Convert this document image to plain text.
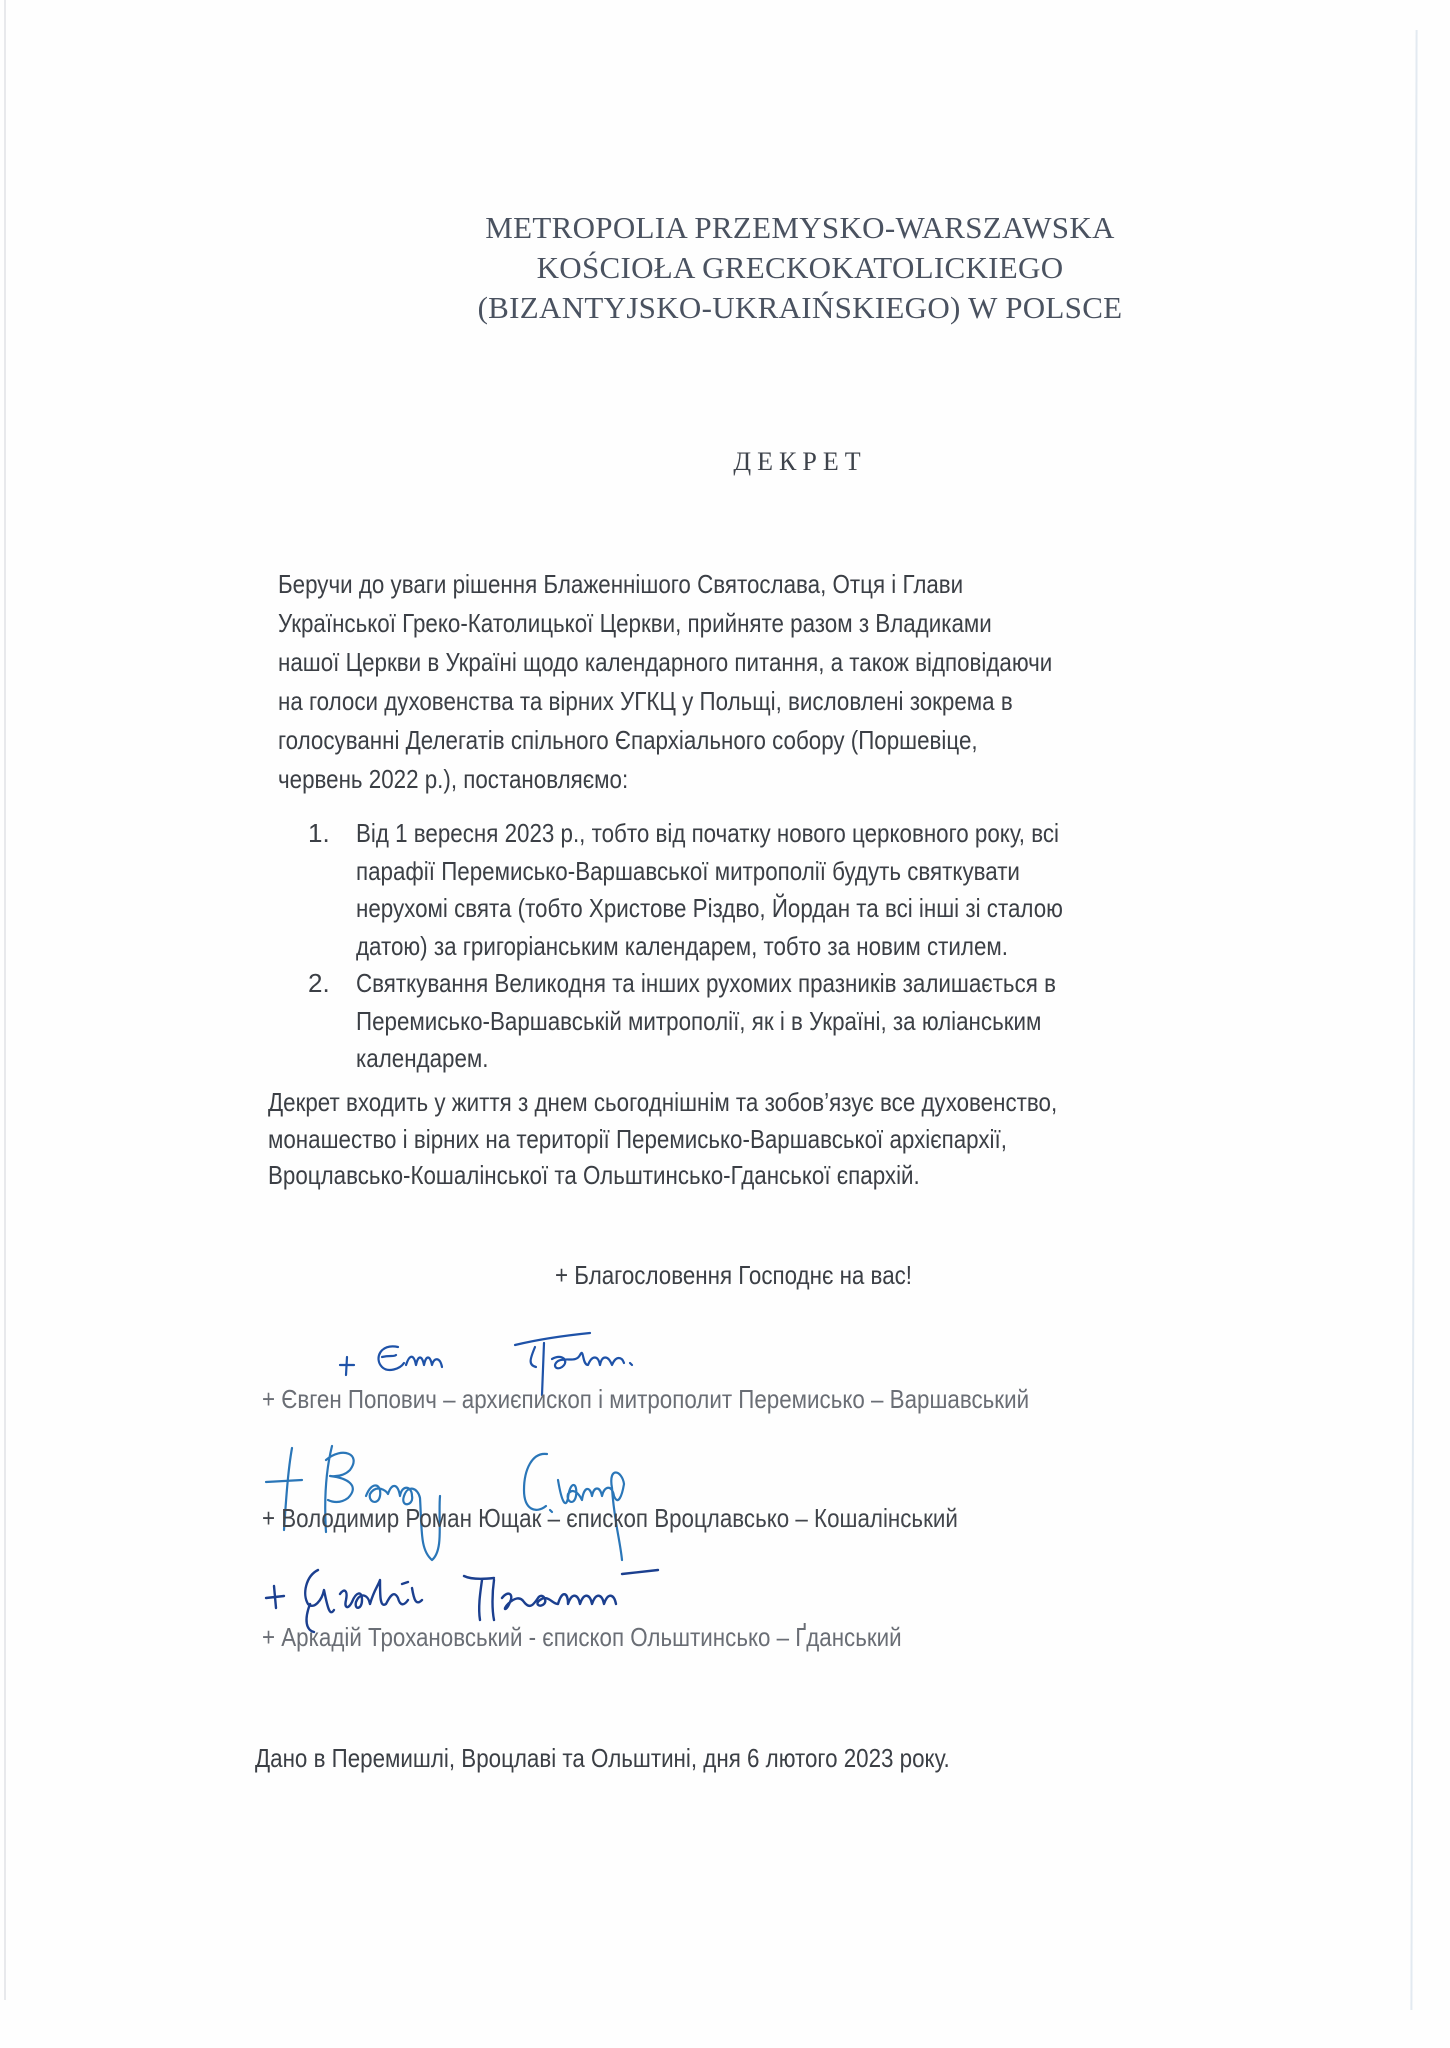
METROPOLIA PRZEMYSKO-WARSZAWSKA
KOŚCIOŁA GRECKOKATOLICKIEGO
(BIZANTYJSKO-UKRAIŃSKIEGO) W POLSCE
ДЕКРЕТ
Беручи до уваги рішення Блаженнішого Святослава, Отця і Глави
Української Греко-Католицької Церкви, прийняте разом з Владиками
нашої Церкви в Україні щодо календарного питання, а також відповідаючи
на голоси духовенства та вірних УГКЦ у Польщі, висловлені зокрема в
голосуванні Делегатів спільного Єпархіального собору (Поршевіце,
червень 2022 р.), постановляємо:
1.	Від 1 вересня 2023 р., тобто від початку нового церковного року, всі
парафії Перемисько-Варшавської митрополії будуть святкувати
нерухомі свята (тобто Христове Різдво, Йордан та всі інші зі сталою
датою) за григоріанським календарем, тобто за новим стилем.
2.	Святкування Великодня та інших рухомих празників залишається в
Перемисько-Варшавській митрополії, як і в Україні, за юліанським
календарем.
Декрет входить у життя з днем сьогоднішнім та зобов’язує все духовенство,
монашество і вірних на території Перемисько-Варшавської архієпархії,
Вроцлавсько-Кошалінської та Ольштинсько-Гданської єпархій.
+ Благословення Господнє на вас!
+ Євген Попович – архиєпископ і митрополит Перемисько – Варшавський
+ Володимир Роман Ющак – єпископ Вроцлавсько – Кошалінський
+ Аркадій Трохановський - єпископ Ольштинсько – Ґданський
Дано в Перемишлі, Вроцлаві та Ольштині, дня 6 лютого 2023 року.
